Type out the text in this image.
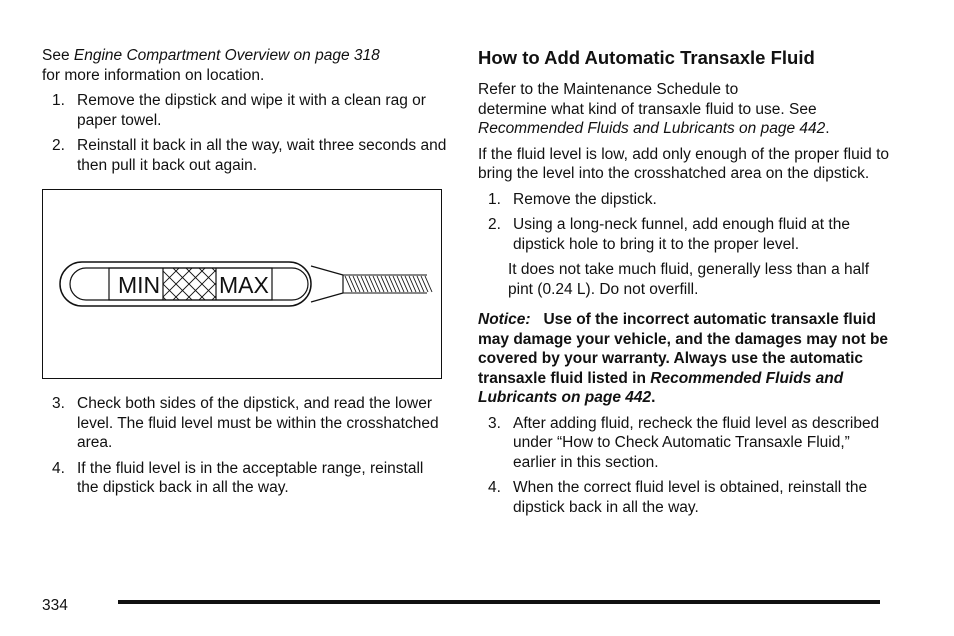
See Engine Compartment Overview on page 318
for more information on location.

1. Remove the dipstick and wipe it with a clean rag or paper towel.
2. Reinstall it back in all the way, wait three seconds and then pull it back out again.
MIN	MAX
3. Check both sides of the dipstick, and read the lower level. The fluid level must be within the crosshatched area.
4. If the fluid level is in the acceptable range, reinstall the dipstick back in all the way.
How to Add Automatic Transaxle Fluid

Refer to the Maintenance Schedule to
determine what kind of transaxle fluid to use. See
Recommended Fluids and Lubricants on page 442.

If the fluid level is low, add only enough of the proper fluid to bring the level into the crosshatched area on the dipstick.

1. Remove the dipstick.
2. Using a long-neck funnel, add enough fluid at the dipstick hole to bring it to the proper level.

It does not take much fluid, generally less than a half pint (0.24 L). Do not overfill.

Notice: Use of the incorrect automatic transaxle fluid may damage your vehicle, and the damages may not be covered by your warranty. Always use the automatic transaxle fluid listed in Recommended Fluids and Lubricants on page 442.

3. After adding fluid, recheck the fluid level as described under “How to Check Automatic Transaxle Fluid,” earlier in this section.
4. When the correct fluid level is obtained, reinstall the dipstick back in all the way.
334
